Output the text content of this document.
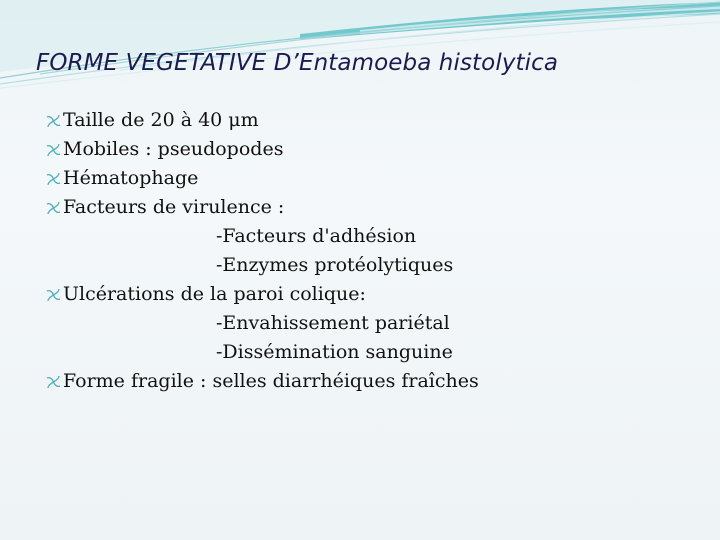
FORME VEGETATIVE D’Entamoeba histolytica
Taille de 20 à 40 μm
Mobiles : pseudopodes
Hématophage
Facteurs de virulence :
-Facteurs d'adhésion
-Enzymes protéolytiques
Ulcérations de la paroi colique:
-Envahissement pariétal
-Dissémination sanguine
Forme fragile : selles diarrhéiques fraîches
